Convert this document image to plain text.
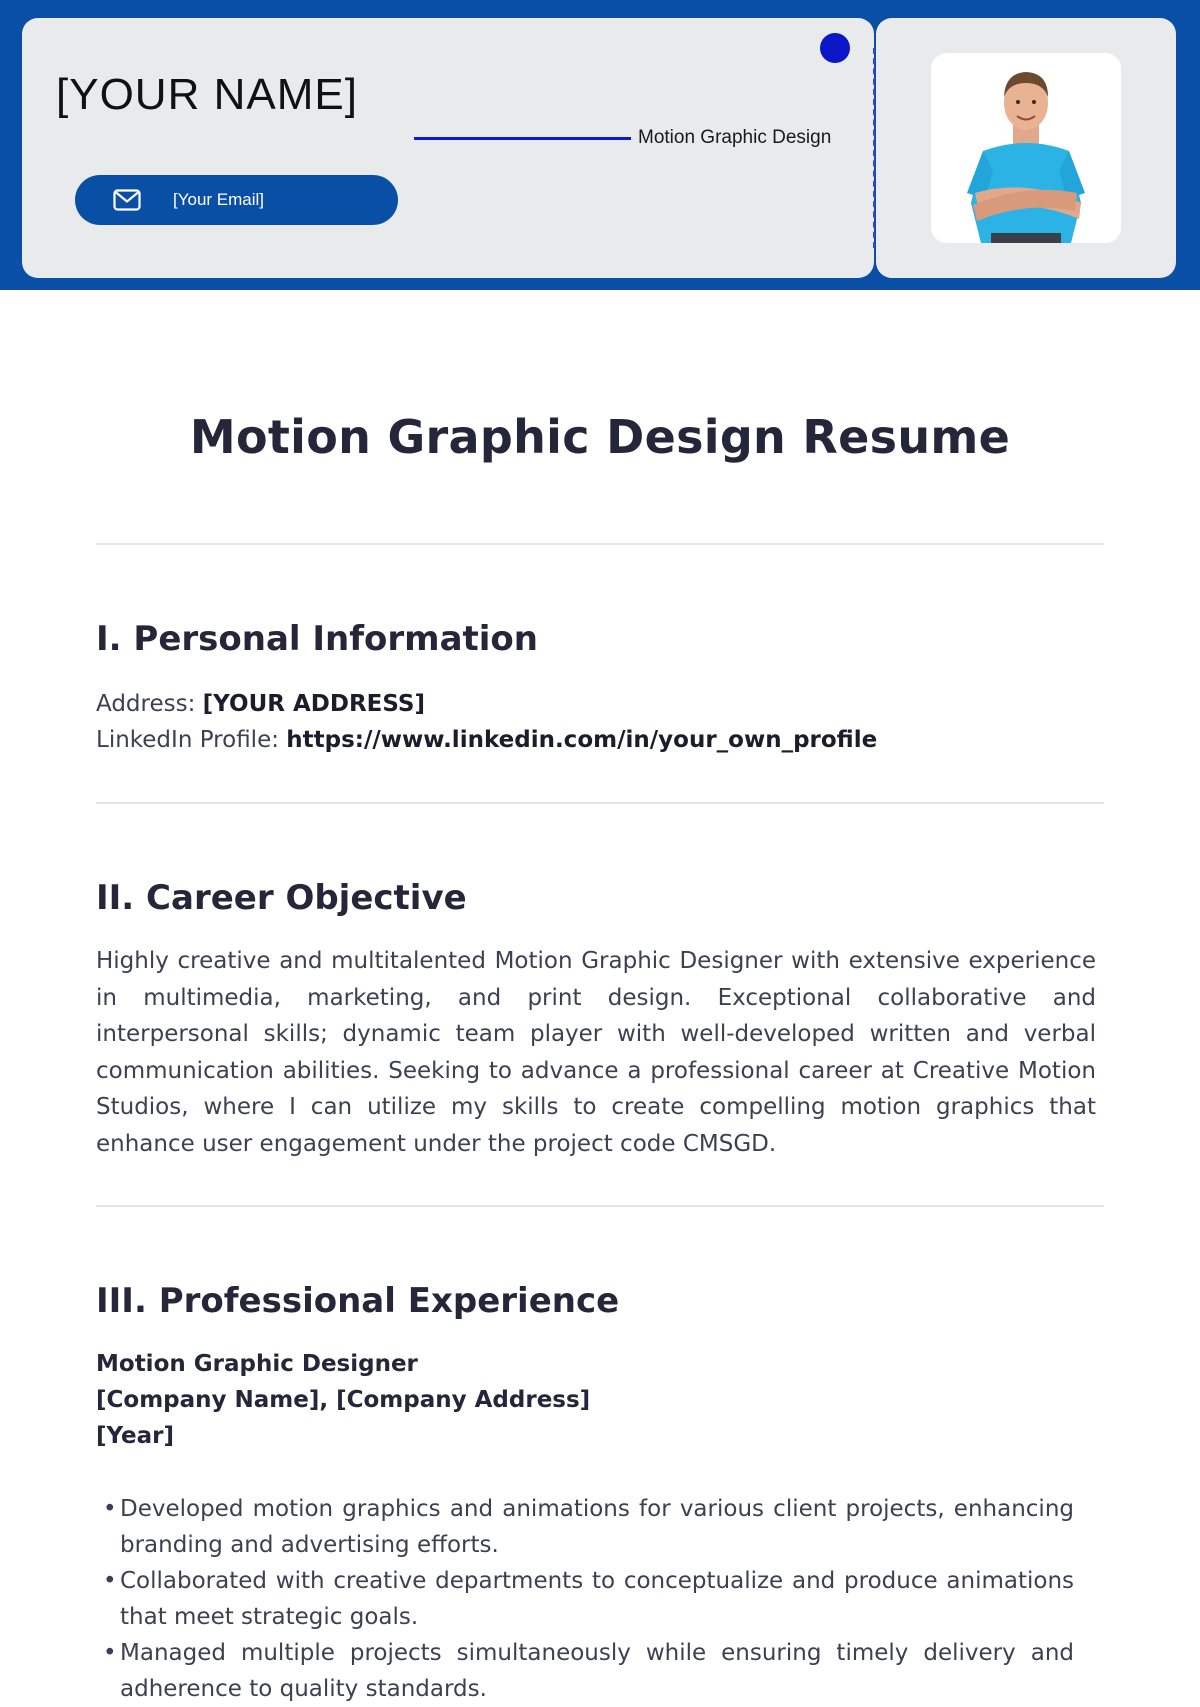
[YOUR NAME]
[Your Email]
Motion Graphic Design
Motion Graphic Design Resume
I. Personal Information
Address: [YOUR ADDRESS]
LinkedIn Profile: https://www.linkedin.com/in/your_own_profile
II. Career Objective

Highly creative and multitalented Motion Graphic Designer with extensive experience in multimedia, marketing, and print design. Exceptional collaborative and interpersonal skills; dynamic team player with well-developed written and verbal communication abilities. Seeking to advance a professional career at Creative Motion Studios, where I can utilize my skills to create compelling motion graphics that enhance user engagement under the project code CMSGD.

III. Professional Experience
Motion Graphic Designer
[Company Name], [Company Address]
[Year]
• Developed motion graphics and animations for various client projects, enhancing branding and advertising efforts.
• Collaborated with creative departments to conceptualize and produce animations that meet strategic goals.
• Managed multiple projects simultaneously while ensuring timely delivery and adherence to quality standards.
